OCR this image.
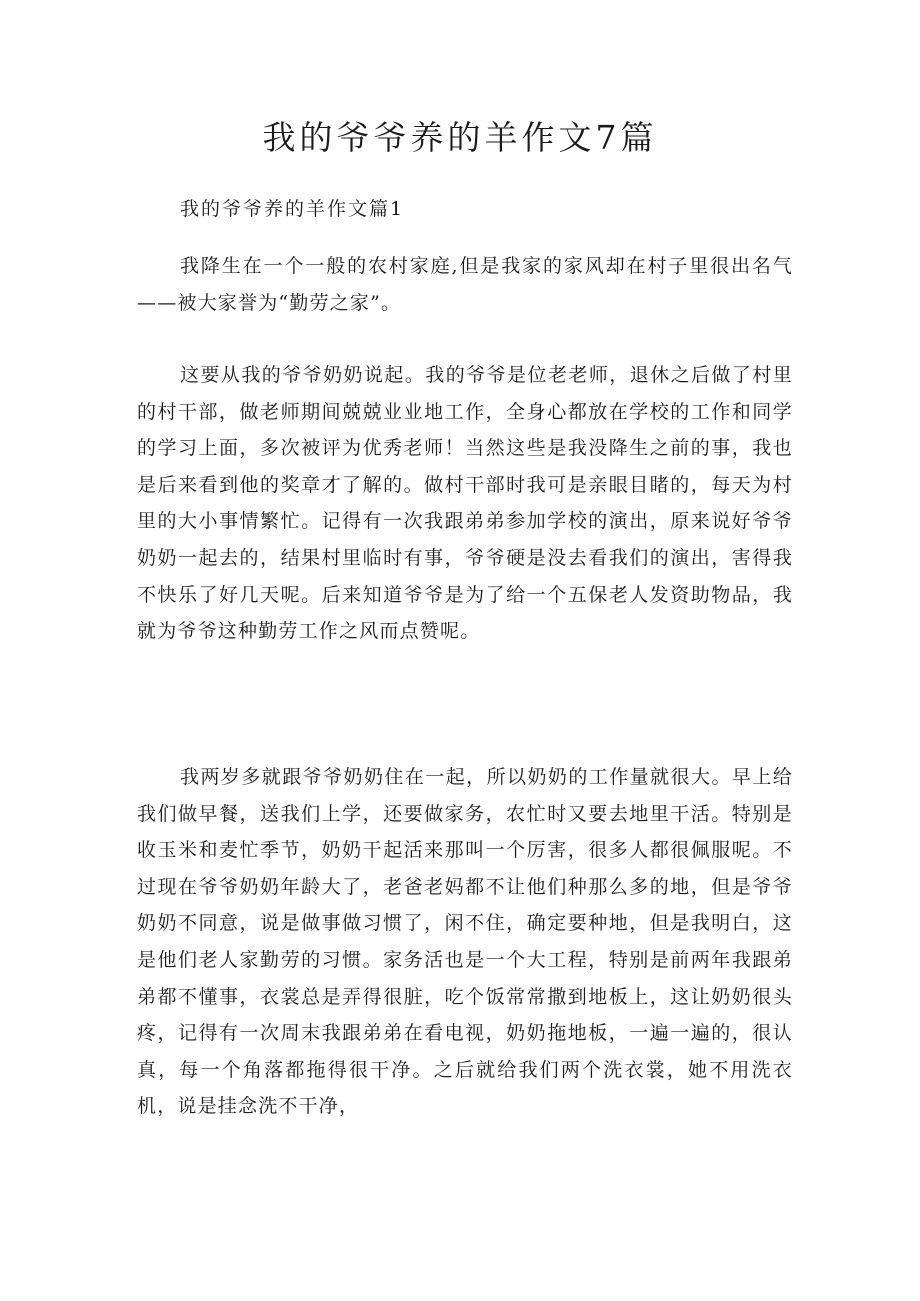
我的爷爷养的羊作文7篇

我的爷爷养的羊作文篇1

我降生在一个一般的农村家庭,但是我家的家风却在村子里很出名气——被大家誉为“勤劳之家”。

这要从我的爷爷奶奶说起。我的爷爷是位老老师，退休之后做了村里的村干部，做老师期间兢兢业业地工作，全身心都放在学校的工作和同学的学习上面，多次被评为优秀老师！当然这些是我没降生之前的事，我也是后来看到他的奖章才了解的。做村干部时我可是亲眼目睹的，每天为村里的大小事情繁忙。记得有一次我跟弟弟参加学校的演出，原来说好爷爷奶奶一起去的，结果村里临时有事，爷爷硬是没去看我们的演出，害得我不快乐了好几天呢。后来知道爷爷是为了给一个五保老人发资助物品，我就为爷爷这种勤劳工作之风而点赞呢。

我两岁多就跟爷爷奶奶住在一起，所以奶奶的工作量就很大。早上给我们做早餐，送我们上学，还要做家务，农忙时又要去地里干活。特别是收玉米和麦忙季节，奶奶干起活来那叫一个厉害，很多人都很佩服呢。不过现在爷爷奶奶年龄大了，老爸老妈都不让他们种那么多的地，但是爷爷奶奶不同意，说是做事做习惯了，闲不住，确定要种地，但是我明白，这是他们老人家勤劳的习惯。家务活也是一个大工程，特别是前两年我跟弟弟都不懂事，衣裳总是弄得很脏，吃个饭常常撒到地板上，这让奶奶很头疼，记得有一次周末我跟弟弟在看电视，奶奶拖地板，一遍一遍的，很认真，每一个角落都拖得很干净。之后就给我们两个洗衣裳，她不用洗衣机，说是挂念洗不干净，
